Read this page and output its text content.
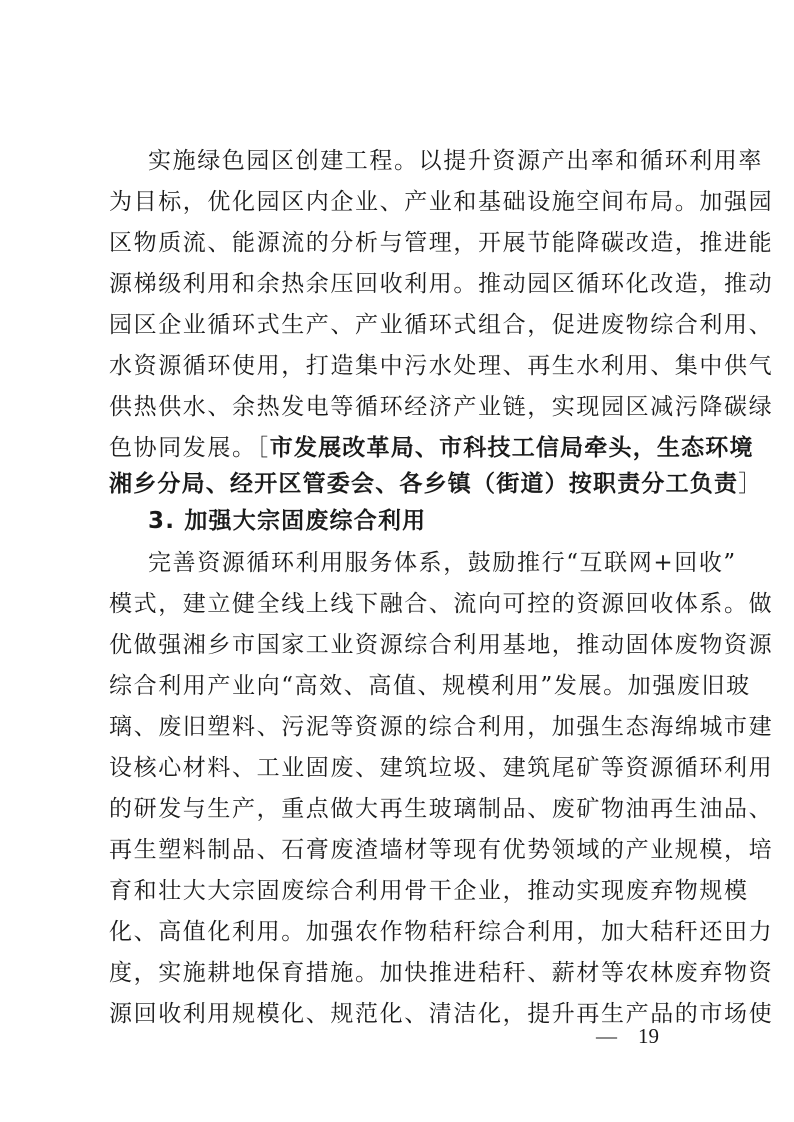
实施绿色园区创建工程。以提升资源产出率和循环利用率
为目标，优化园区内企业、产业和基础设施空间布局。加强园
区物质流、能源流的分析与管理，开展节能降碳改造，推进能
源梯级利用和余热余压回收利用。推动园区循环化改造，推动
园区企业循环式生产、产业循环式组合，促进废物综合利用、
水资源循环使用，打造集中污水处理、再生水利用、集中供气
供热供水、余热发电等循环经济产业链，实现园区减污降碳绿
色协同发展。［市发展改革局、市科技工信局牵头，生态环境
湘乡分局、经开区管委会、各乡镇（街道）按职责分工负责］
3. 加强大宗固废综合利用
完善资源循环利用服务体系，鼓励推行“互联网+回收”
模式，建立健全线上线下融合、流向可控的资源回收体系。做
优做强湘乡市国家工业资源综合利用基地，推动固体废物资源
综合利用产业向“高效、高值、规模利用”发展。加强废旧玻
璃、废旧塑料、污泥等资源的综合利用，加强生态海绵城市建
设核心材料、工业固废、建筑垃圾、建筑尾矿等资源循环利用
的研发与生产，重点做大再生玻璃制品、废矿物油再生油品、
再生塑料制品、石膏废渣墙材等现有优势领域的产业规模，培
育和壮大大宗固废综合利用骨干企业，推动实现废弃物规模
化、高值化利用。加强农作物秸秆综合利用，加大秸秆还田力
度，实施耕地保育措施。加快推进秸秆、薪材等农林废弃物资
源回收利用规模化、规范化、清洁化，提升再生产品的市场使
—　19
